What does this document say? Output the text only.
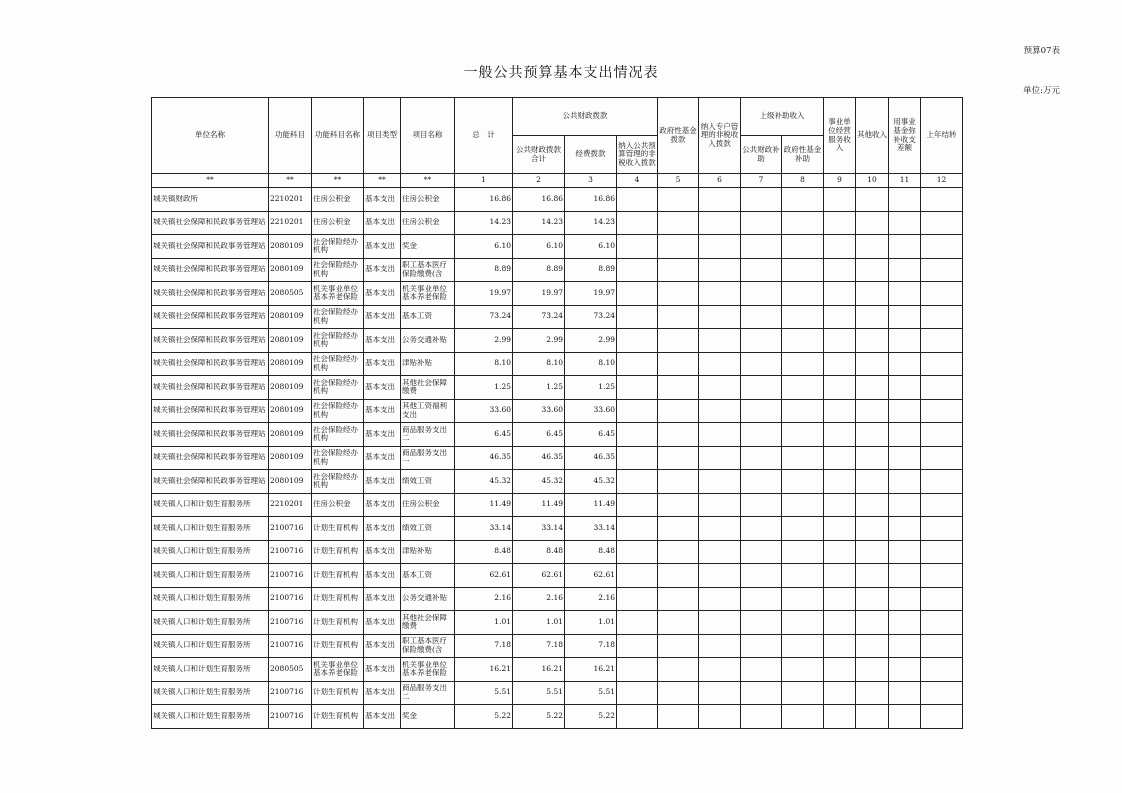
预算07表
一般公共预算基本支出情况表
单位:万元
单位名称	功能科目	功能科目名称	项目类型	项目名称	总　计	公共财政拨款			政府性基金拨款	纳入专户管理的非税收入拨款	上级补助收入		事业单位经营服务收入	其他收入	用事业基金弥补收支差额	上年结转
						公共财政拨款合计	经费拨款	纳入公共预算管理的非税收入拨款			公共财政补助	政府性基金补助				
**	**	**	**	**	1	2	3	4	5	6	7	8	9	10	11	12

城关镇财政所	2210201	住房公积金	基本支出	住房公积金	16.86	16.86	16.86									

城关镇社会保障和民政事务管理站	2210201	住房公积金	基本支出	住房公积金	14.23	14.23	14.23									

城关镇社会保障和民政事务管理站	2080109	社会保险经办机构	基本支出	奖金	6.10	6.10	6.10									

城关镇社会保障和民政事务管理站	2080109	社会保险经办机构	基本支出	职工基本医疗保险缴费(含	8.89	8.89	8.89									

城关镇社会保障和民政事务管理站	2080505	机关事业单位基本养老保险	基本支出	机关事业单位基本养老保险	19.97	19.97	19.97									

城关镇社会保障和民政事务管理站	2080109	社会保险经办机构	基本支出	基本工资	73.24	73.24	73.24									

城关镇社会保障和民政事务管理站	2080109	社会保险经办机构	基本支出	公务交通补贴	2.99	2.99	2.99									

城关镇社会保障和民政事务管理站	2080109	社会保险经办机构	基本支出	津贴补贴	8.10	8.10	8.10									

城关镇社会保障和民政事务管理站	2080109	社会保险经办机构	基本支出	其他社会保障缴费	1.25	1.25	1.25									

城关镇社会保障和民政事务管理站	2080109	社会保险经办机构	基本支出	其他工资福利支出	33.60	33.60	33.60									

城关镇社会保障和民政事务管理站	2080109	社会保险经办机构	基本支出	商品服务支出二	6.45	6.45	6.45									

城关镇社会保障和民政事务管理站	2080109	社会保险经办机构	基本支出	商品服务支出一	46.35	46.35	46.35									

城关镇社会保障和民政事务管理站	2080109	社会保险经办机构	基本支出	绩效工资	45.32	45.32	45.32									

城关镇人口和计划生育服务所	2210201	住房公积金	基本支出	住房公积金	11.49	11.49	11.49									

城关镇人口和计划生育服务所	2100716	计划生育机构	基本支出	绩效工资	33.14	33.14	33.14									

城关镇人口和计划生育服务所	2100716	计划生育机构	基本支出	津贴补贴	8.48	8.48	8.48									

城关镇人口和计划生育服务所	2100716	计划生育机构	基本支出	基本工资	62.61	62.61	62.61									

城关镇人口和计划生育服务所	2100716	计划生育机构	基本支出	公务交通补贴	2.16	2.16	2.16									

城关镇人口和计划生育服务所	2100716	计划生育机构	基本支出	其他社会保障缴费	1.01	1.01	1.01									

城关镇人口和计划生育服务所	2100716	计划生育机构	基本支出	职工基本医疗保险缴费(含	7.18	7.18	7.18									

城关镇人口和计划生育服务所	2080505	机关事业单位基本养老保险	基本支出	机关事业单位基本养老保险	16.21	16.21	16.21									

城关镇人口和计划生育服务所	2100716	计划生育机构	基本支出	商品服务支出二	5.51	5.51	5.51									

城关镇人口和计划生育服务所	2100716	计划生育机构	基本支出	奖金	5.22	5.22	5.22									
